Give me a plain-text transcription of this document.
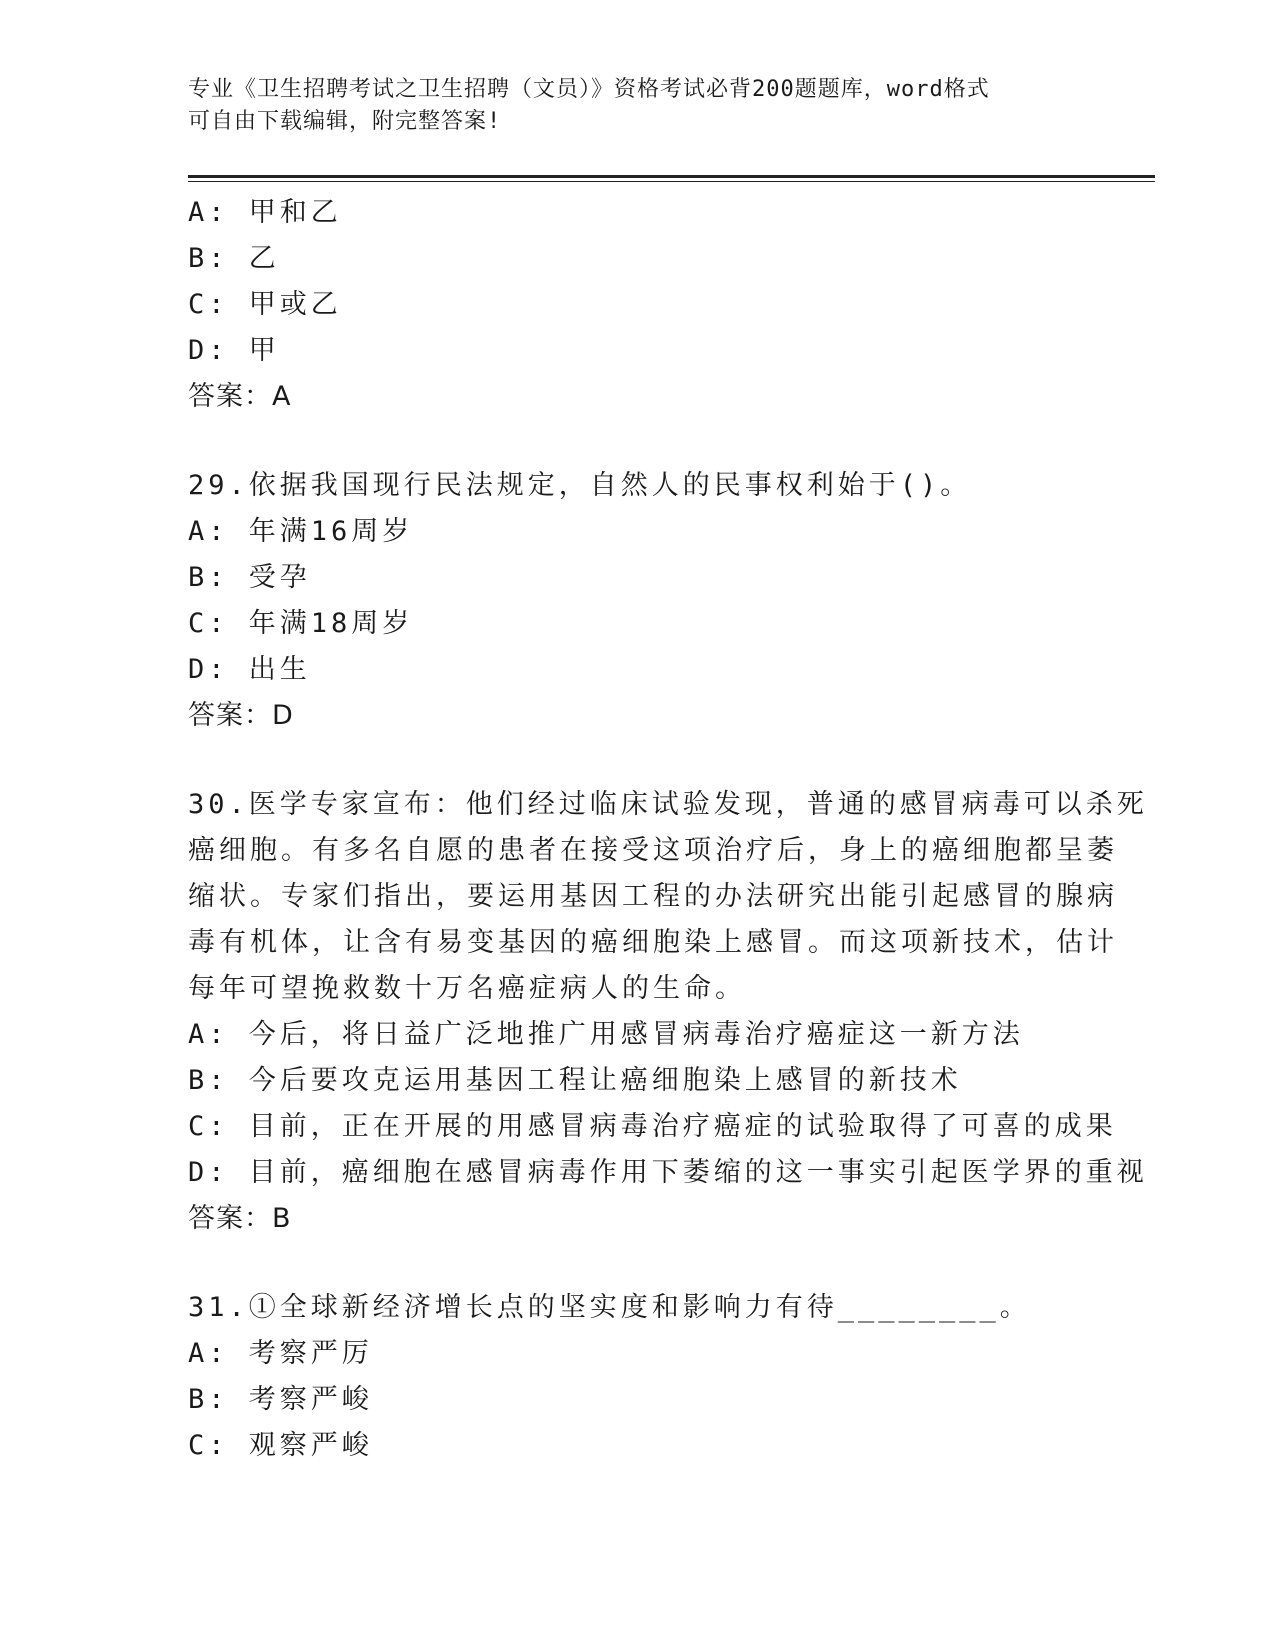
专业《卫生招聘考试之卫生招聘（文员）》资格考试必背200题题库，word格式
可自由下载编辑，附完整答案!
A: 甲和乙
B: 乙
C: 甲或乙
D: 甲
答案：A
29.依据我国现行民法规定，自然人的民事权利始于()。
A: 年满16周岁
B: 受孕
C: 年满18周岁
D: 出生
答案：D
30.医学专家宣布：他们经过临床试验发现，普通的感冒病毒可以杀死
癌细胞。有多名自愿的患者在接受这项治疗后，身上的癌细胞都呈萎
缩状。专家们指出，要运用基因工程的办法研究出能引起感冒的腺病
毒有机体，让含有易变基因的癌细胞染上感冒。而这项新技术，估计
每年可望挽救数十万名癌症病人的生命。
A: 今后，将日益广泛地推广用感冒病毒治疗癌症这一新方法
B: 今后要攻克运用基因工程让癌细胞染上感冒的新技术
C: 目前，正在开展的用感冒病毒治疗癌症的试验取得了可喜的成果
D: 目前，癌细胞在感冒病毒作用下萎缩的这一事实引起医学界的重视
答案：B
31.①全球新经济增长点的坚实度和影响力有待________。
A: 考察严厉
B: 考察严峻
C: 观察严峻
